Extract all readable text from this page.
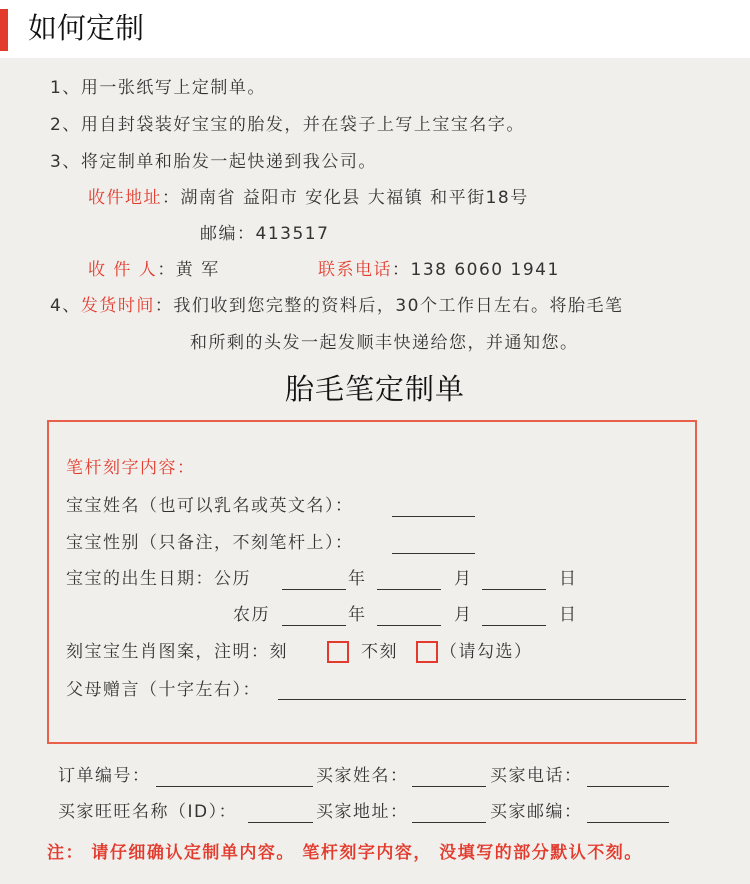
如何定制
1、用一张纸写上定制单。
2、用自封袋装好宝宝的胎发，并在袋子上写上宝宝名字。
3、将定制单和胎发一起快递到我公司。
收件地址：湖南省 益阳市 安化县 大福镇 和平街18号
邮编：413517
收 件 人：黄 军	联系电话：138 6060 1941
4、发货时间：我们收到您完整的资料后，30个工作日左右。将胎毛笔
和所剩的头发一起发顺丰快递给您，并通知您。
胎毛笔定制单
笔杆刻字内容：
宝宝姓名（也可以乳名或英文名）：
宝宝性别（只备注，不刻笔杆上）：
宝宝的出生日期：公历	年	月	日
农历	年	月	日
刻宝宝生肖图案，注明：刻	不刻 （请勾选）
父母赠言（十字左右）：
订单编号：	买家姓名：	买家电话：
买家旺旺名称（ID）：	买家地址：	买家邮编：
注： 请仔细确认定制单内容。 笔杆刻字内容， 没填写的部分默认不刻。
